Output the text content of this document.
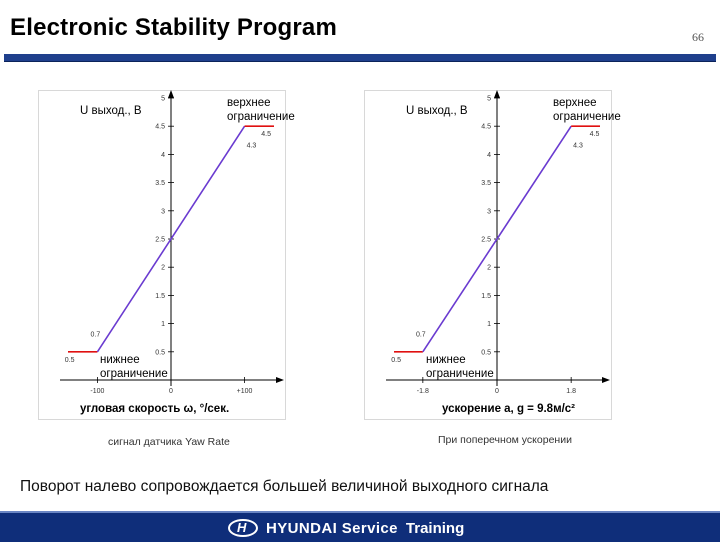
Electronic Stability Program	66
0.5
1
1.5
2
2.5
3
3.5
4
4.5
5
-100	0	+100
0.5
0.7
4.3
4.5
U выход., В
верхнее
ограничение
нижнее
ограничение
угловая скорость ω, °/сек.
0.5
1
1.5
2
2.5
3
3.5
4
4.5
5
-1.8	0	1.8
0.5
0.7
4.3
4.5
U выход., В
верхнее
ограничение
нижнее
ограничение
ускорение а, g = 9.8м/с²
сигнал датчика Yaw Rate	При поперечном ускорении
Поворот налево сопровождается большей величиной выходного сигнала
H
HYUNDAI Service Training
